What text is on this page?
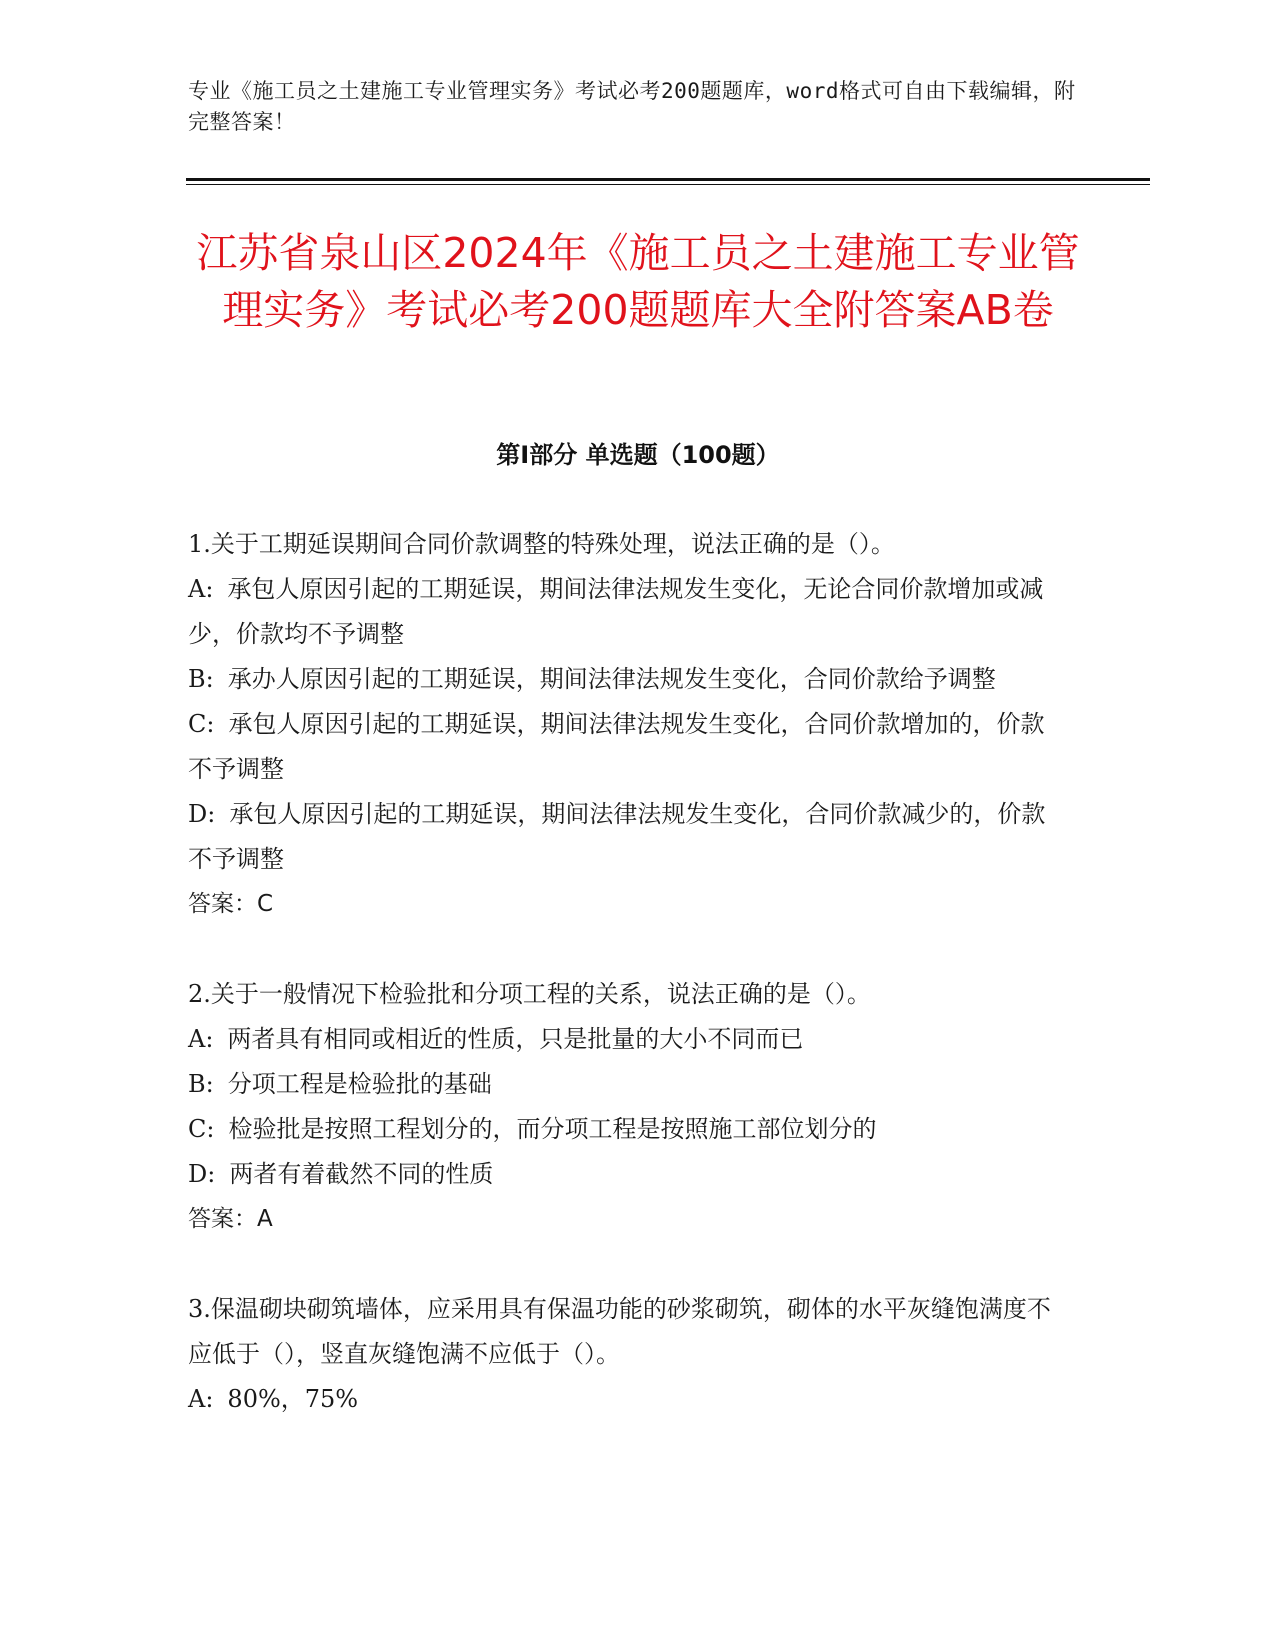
专业《施工员之土建施工专业管理实务》考试必考200题题库，word格式可自由下载编辑，附完整答案！
江苏省泉山区2024年《施工员之土建施工专业管理实务》考试必考200题题库大全附答案AB卷
第Ⅰ部分 单选题（100题）
1.关于工期延误期间合同价款调整的特殊处理，说法正确的是（）。
A: 承包人原因引起的工期延误，期间法律法规发生变化，无论合同价款增加或减少，价款均不予调整
B: 承办人原因引起的工期延误，期间法律法规发生变化，合同价款给予调整
C: 承包人原因引起的工期延误，期间法律法规发生变化，合同价款增加的，价款不予调整
D: 承包人原因引起的工期延误，期间法律法规发生变化，合同价款减少的，价款不予调整
答案：C
2.关于一般情况下检验批和分项工程的关系，说法正确的是（）。
A: 两者具有相同或相近的性质，只是批量的大小不同而已
B: 分项工程是检验批的基础
C: 检验批是按照工程划分的，而分项工程是按照施工部位划分的
D: 两者有着截然不同的性质
答案：A
3.保温砌块砌筑墙体，应采用具有保温功能的砂浆砌筑，砌体的水平灰缝饱满度不应低于（），竖直灰缝饱满不应低于（）。
A: 80%，75%
